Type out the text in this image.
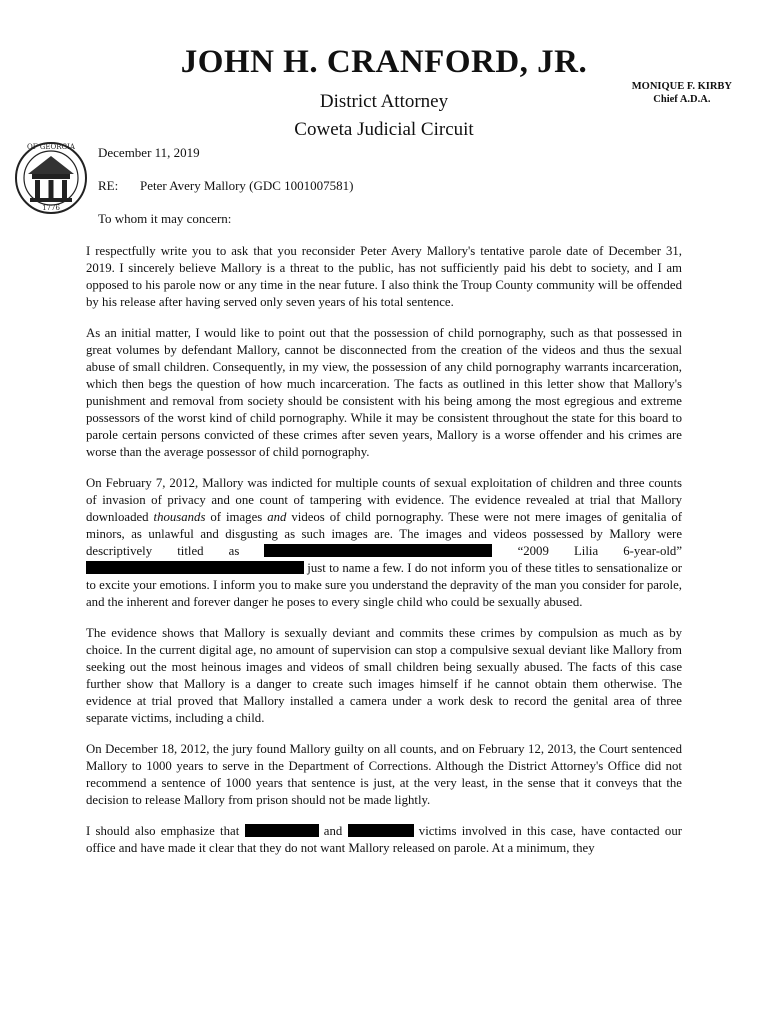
JOHN H. CRANFORD, JR.
District Attorney
Coweta Judicial Circuit
MONIQUE F. KIRBY
Chief A.D.A.
OF GEORGIA
1776
December 11, 2019
RE: Peter Avery Mallory (GDC 1001007581)
To whom it may concern:

I respectfully write you to ask that you reconsider Peter Avery Mallory's tentative parole date of December 31, 2019. I sincerely believe Mallory is a threat to the public, has not sufficiently paid his debt to society, and I am opposed to his parole now or any time in the near future. I also think the Troup County community will be offended by his release after having served only seven years of his total sentence.

As an initial matter, I would like to point out that the possession of child pornography, such as that possessed in great volumes by defendant Mallory, cannot be disconnected from the creation of the videos and thus the sexual abuse of small children. Consequently, in my view, the possession of any child pornography warrants incarceration, which then begs the question of how much incarceration. The facts as outlined in this letter show that Mallory's punishment and removal from society should be consistent with his being among the most egregious and extreme possessors of the worst kind of child pornography. While it may be consistent throughout the state for this board to parole certain persons convicted of these crimes after seven years, Mallory is a worse offender and his crimes are worse than the average possessor of child pornography.

On February 7, 2012, Mallory was indicted for multiple counts of sexual exploitation of children and three counts of invasion of privacy and one count of tampering with evidence. The evidence revealed at trial that Mallory downloaded thousands of images and videos of child pornography. These were not mere images of genitalia of minors, as unlawful and disgusting as such images are. The images and videos possessed by Mallory were descriptively titled as	“2009 Lilia 6-year-old”  just to name a few. I do not inform you of these titles to sensationalize or to excite your emotions. I inform you to make sure you understand the depravity of the man you consider for parole, and the inherent and forever danger he poses to every single child who could be sexually abused.

The evidence shows that Mallory is sexually deviant and commits these crimes by compulsion as much as by choice. In the current digital age, no amount of supervision can stop a compulsive sexual deviant like Mallory from seeking out the most heinous images and videos of small children being sexually abused. The facts of this case further show that Mallory is a danger to create such images himself if he cannot obtain them otherwise. The evidence at trial proved that Mallory installed a camera under a work desk to record the genital area of three separate victims, including a child.

On December 18, 2012, the jury found Mallory guilty on all counts, and on February 12, 2013, the Court sentenced Mallory to 1000 years to serve in the Department of Corrections. Although the District Attorney's Office did not recommend a sentence of 1000 years that sentence is just, at the very least, in the sense that it conveys that the decision to release Mallory from prison should not be made lightly.

I should also emphasize that	and	victims involved in this case, have contacted our office and have made it clear that they do not want Mallory released on parole. At a minimum, they
